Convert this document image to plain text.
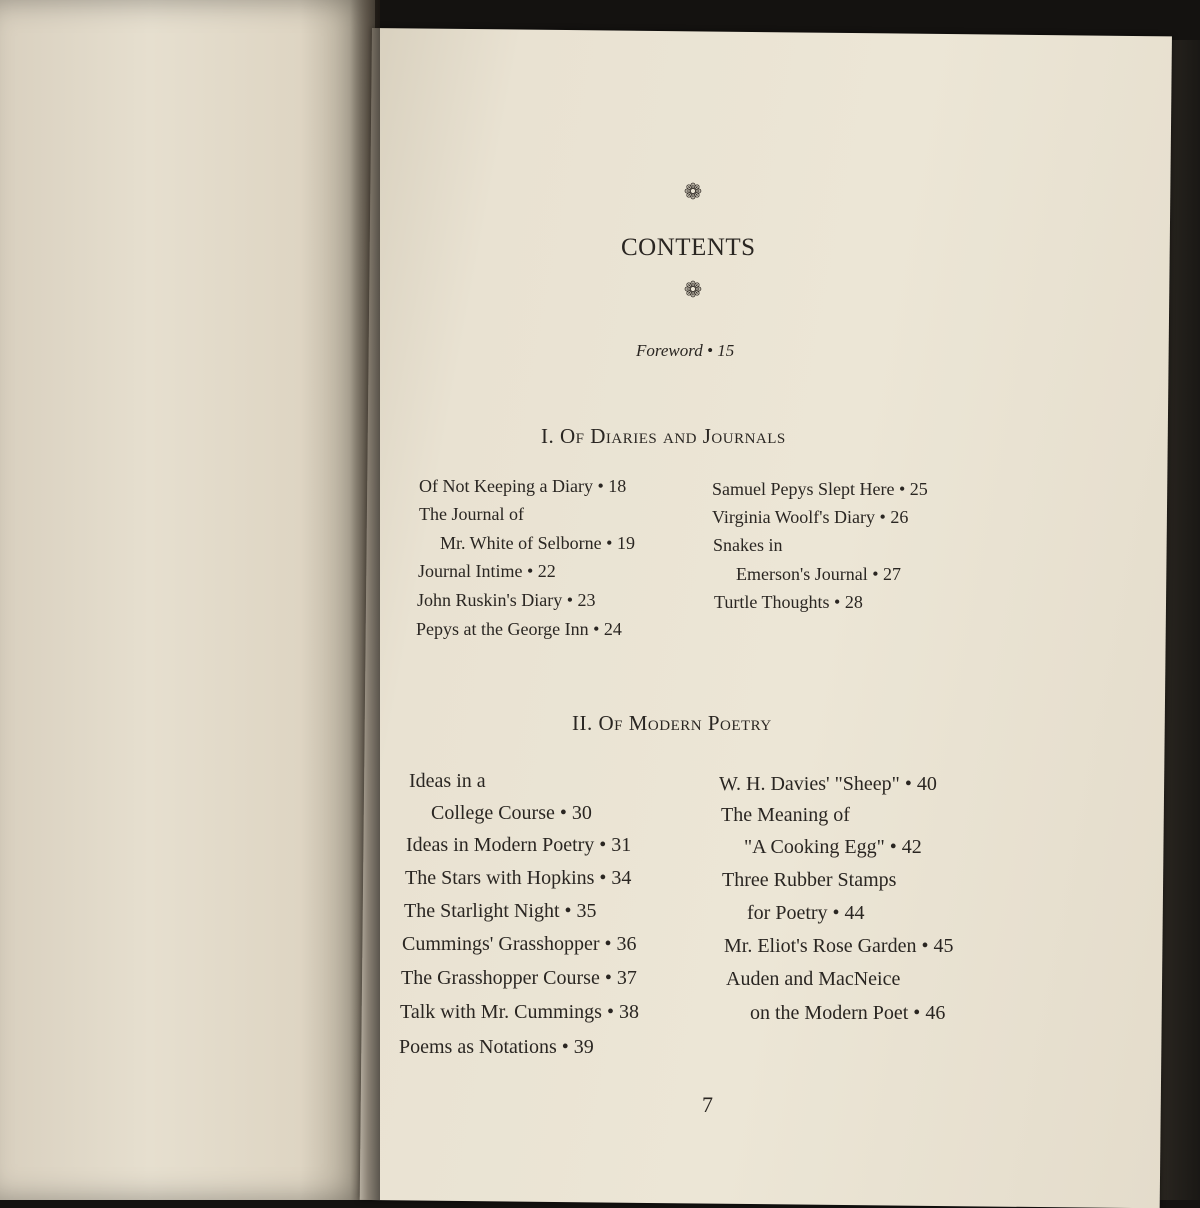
❁
CONTENTS
❁
Foreword • 15
I. Of Diaries and Journals
Of Not Keeping a Diary • 18
The Journal of
Mr. White of Selborne • 19
Journal Intime • 22
John Ruskin's Diary • 23
Pepys at the George Inn • 24
Samuel Pepys Slept Here • 25
Virginia Woolf's Diary • 26
Snakes in
Emerson's Journal • 27
Turtle Thoughts • 28
II. Of Modern Poetry
Ideas in a
College Course • 30
Ideas in Modern Poetry • 31
The Stars with Hopkins • 34
The Starlight Night • 35
Cummings' Grasshopper • 36
The Grasshopper Course • 37
Talk with Mr. Cummings • 38
Poems as Notations • 39
W. H. Davies' "Sheep" • 40
The Meaning of
"A Cooking Egg" • 42
Three Rubber Stamps
for Poetry • 44
Mr. Eliot's Rose Garden • 45
Auden and MacNeice
on the Modern Poet • 46
7
